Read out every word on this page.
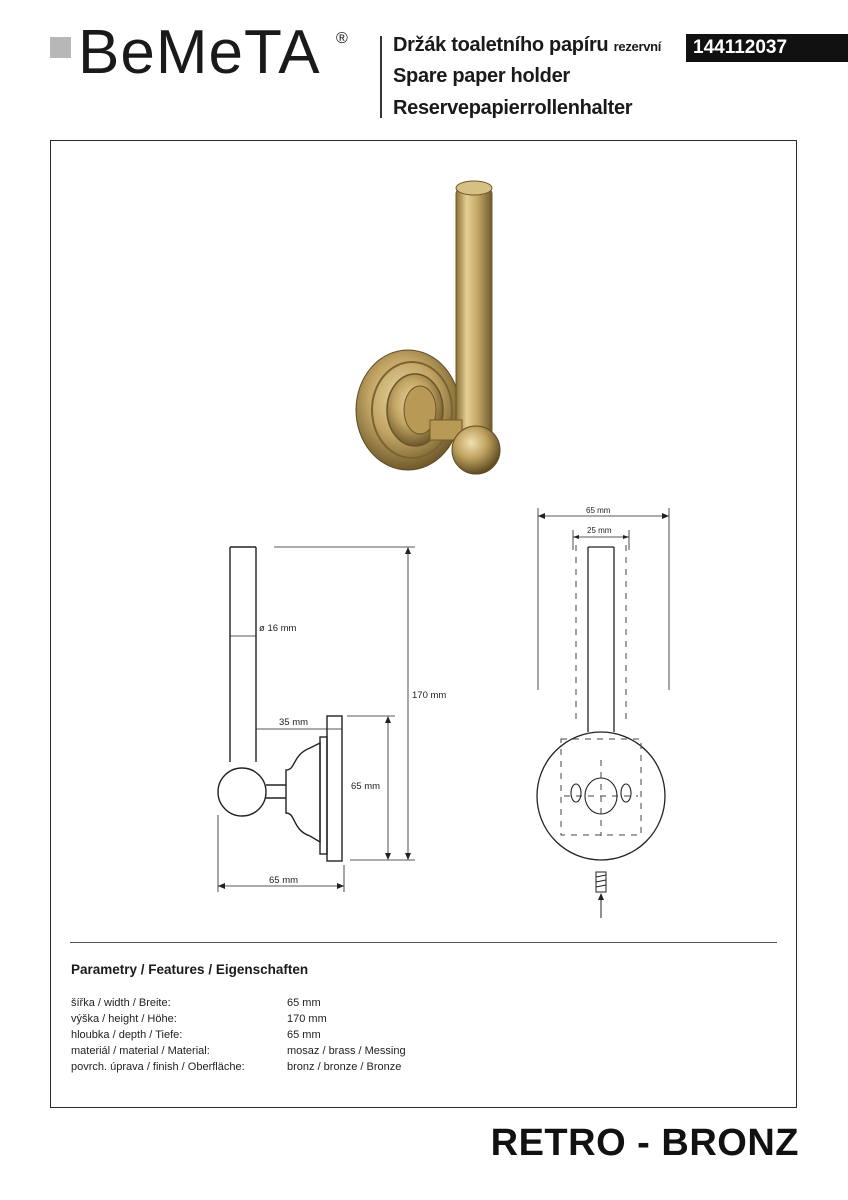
BeMeTA ® Držák toaletního papíru rezervní
Spare paper holder
Reservepapierrollenhalter
144112037
ø 16 mm
170 mm
35 mm
65 mm
65 mm
65 mm
25 mm
Parametry / Features / Eigenschaften
šířka / width / Breite:	65 mm
výška / height / Höhe:	170 mm
hloubka / depth / Tiefe:	65 mm
materiál / material / Material:	mosaz / brass / Messing
povrch. úprava / finish / Oberfläche:	bronz / bronze / Bronze
RETRO - BRONZ
